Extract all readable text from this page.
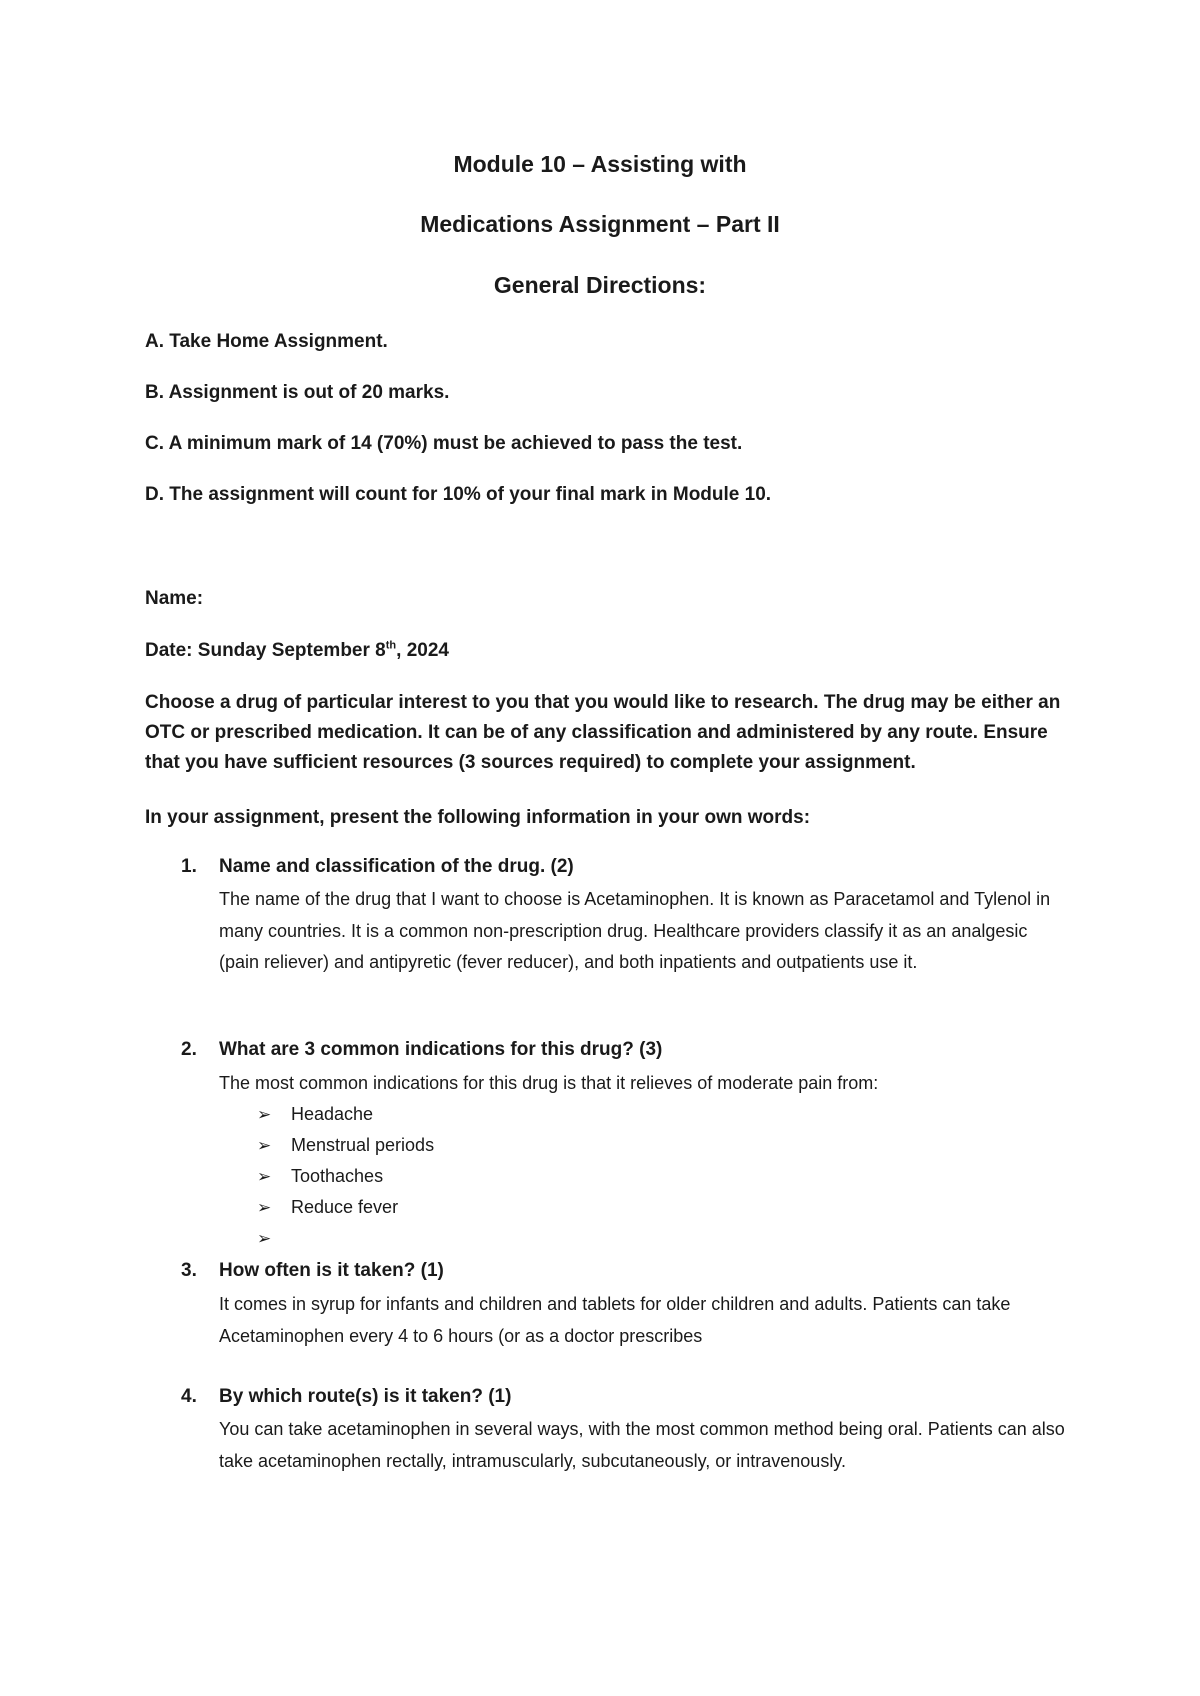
Module 10 – Assisting with
Medications Assignment – Part II
General Directions:
A. Take Home Assignment.
B. Assignment is out of 20 marks.
C. A minimum mark of 14 (70%) must be achieved to pass the test.
D. The assignment will count for 10% of your final mark in Module 10.
Name:
Date: Sunday September 8th, 2024
Choose a drug of particular interest to you that you would like to research. The drug may be either an OTC or prescribed medication. It can be of any classification and administered by any route. Ensure that you have sufficient resources (3 sources required) to complete your assignment.
In your assignment, present the following information in your own words:
1. Name and classification of the drug. (2)
The name of the drug that I want to choose is Acetaminophen. It is known as Paracetamol and Tylenol in many countries. It is a common non-prescription drug. Healthcare providers classify it as an analgesic (pain reliever) and antipyretic (fever reducer), and both inpatients and outpatients use it.
2. What are 3 common indications for this drug? (3)
The most common indications for this drug is that it relieves of moderate pain from:
➢ Headache
➢ Menstrual periods
➢ Toothaches
➢ Reduce fever
➢
3. How often is it taken? (1)
It comes in syrup for infants and children and tablets for older children and adults. Patients can take Acetaminophen every 4 to 6 hours (or as a doctor prescribes
4. By which route(s) is it taken? (1)
You can take acetaminophen in several ways, with the most common method being oral. Patients can also take acetaminophen rectally, intramuscularly, subcutaneously, or intravenously.
